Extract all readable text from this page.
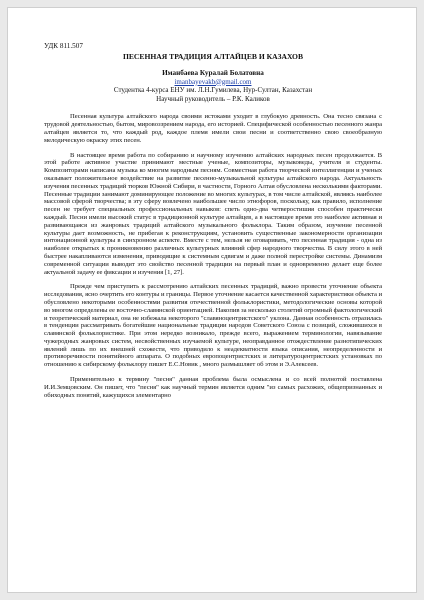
УДК 811.507

ПЕСЕННАЯ ТРАДИЦИЯ АЛТАЙЦЕВ И КАЗАХОВ

Иманбаева Куралай Болатовна

imanbayevakb@gmail.com

Студентка 4-курса ЕНУ им. Л.Н.Гумилева, Нур-Султан, Казахстан

Научный руководитель – Р.К. Каликов

Песенная культура алтайского народа своими истоками уходит в глубокую древность. Она тесно связана с трудовой деятельностью, бытом, мировоззрением народа, его историей. Специфической особенностью песенного жанра алтайцев является то, что каждый род, каждое племя имели свои песни и соответственно свою своеобразную мелодическую окраску этих песен.

В настоящее время работа по собиранию и научному изучению алтайских народных песен продолжается. В этой работе активное участие принимают местные ученые, композиторы, музыковеды, учителя и студенты. Композиторами написана музыка ко многим народным песням. Совместная работа творческой интеллигенции и ученых оказывает положительное воздействие на развитие песенно-музыкальной культуры алтайского народа. Актуальность изучения песенных традиций тюрков Южной Сибири, в частности, Горного Алтая обусловлена несколькими факторами. Песенные традиции занимают доминирующее положение во многих культурах, в том числе алтайской, являясь наиболее массовой сферой творчества; в эту сферу вовлечено наибольшее число этнофоров, поскольку, как правило, исполнение песен не требует специальных профессиональных навыков: спеть одно-два четверостишия способен практически каждый. Песни имели высокий статус в традиционной культуре алтайцев, а в настоящее время это наиболее активная и развивающаяся из жанровых традиций алтайского музыкального фольклора. Таким образом, изучение песенной культуры дает возможность, не прибегая к реконструкциям, установить существенные закономерности организации интонационной культуры в синхронном аспекте. Вместе с тем, нельзя не оговаривать, что песенная традиция - одна из наиболее открытых к проникновению различных культурных влияний сфер народного творчества. В силу этого в ней быстрее накапливаются изменения, приводящие к системным сдвигам и даже полной перестройке системы. Динамизм современной ситуации выводит это свойство песенной традиции на первый план и одновременно делает еще более актуальной задачу ее фиксации и изучения [1, 27].

Прежде чем приступить к рассмотрению алтайских песенных традиций, важно провести уточнение объекта исследования, ясно очертить его контуры и границы. Первое уточнение касается качественной характеристики объекта и обусловлено некоторыми особенностями развития отечественной фольклористики, методологические основы которой во многом определены ее восточно-славянской ориентацией. Накопив за несколько столетий огромный фактологический и теоретический материал, она не избежала некоторого "славяноцентристского" уклона. Данная особенность отразилась в тенденции рассматривать богатейшие национальные традиции народов Советского Союза с позиций, сложившихся в славянской фольклористике. При этом нередко возникало, прежде всего, выражением терминологии, навязывание чужеродных жанровых систем, несвойственных изучаемой культуре, неоправданное отождествление разнотипических явлений лишь по их внешней схожести, что приводило к неадекватности языка описания, неопределенности и противоречивости понятийного аппарата. О подобных европоцентристских и литературоцентристских установках по отношению к сибирскому фольклору пишет Е.С.Новик , много размышляет об этом и Э.Алексеев.

Применительно к термину "песня" данная проблема была осмыслена и со всей полнотой поставлена И.И.Земцовским. Он пишет, что "песня" как научный термин является одним "из самых расхожих, общепризнанных и обиходных понятий, кажущихся элементарно
